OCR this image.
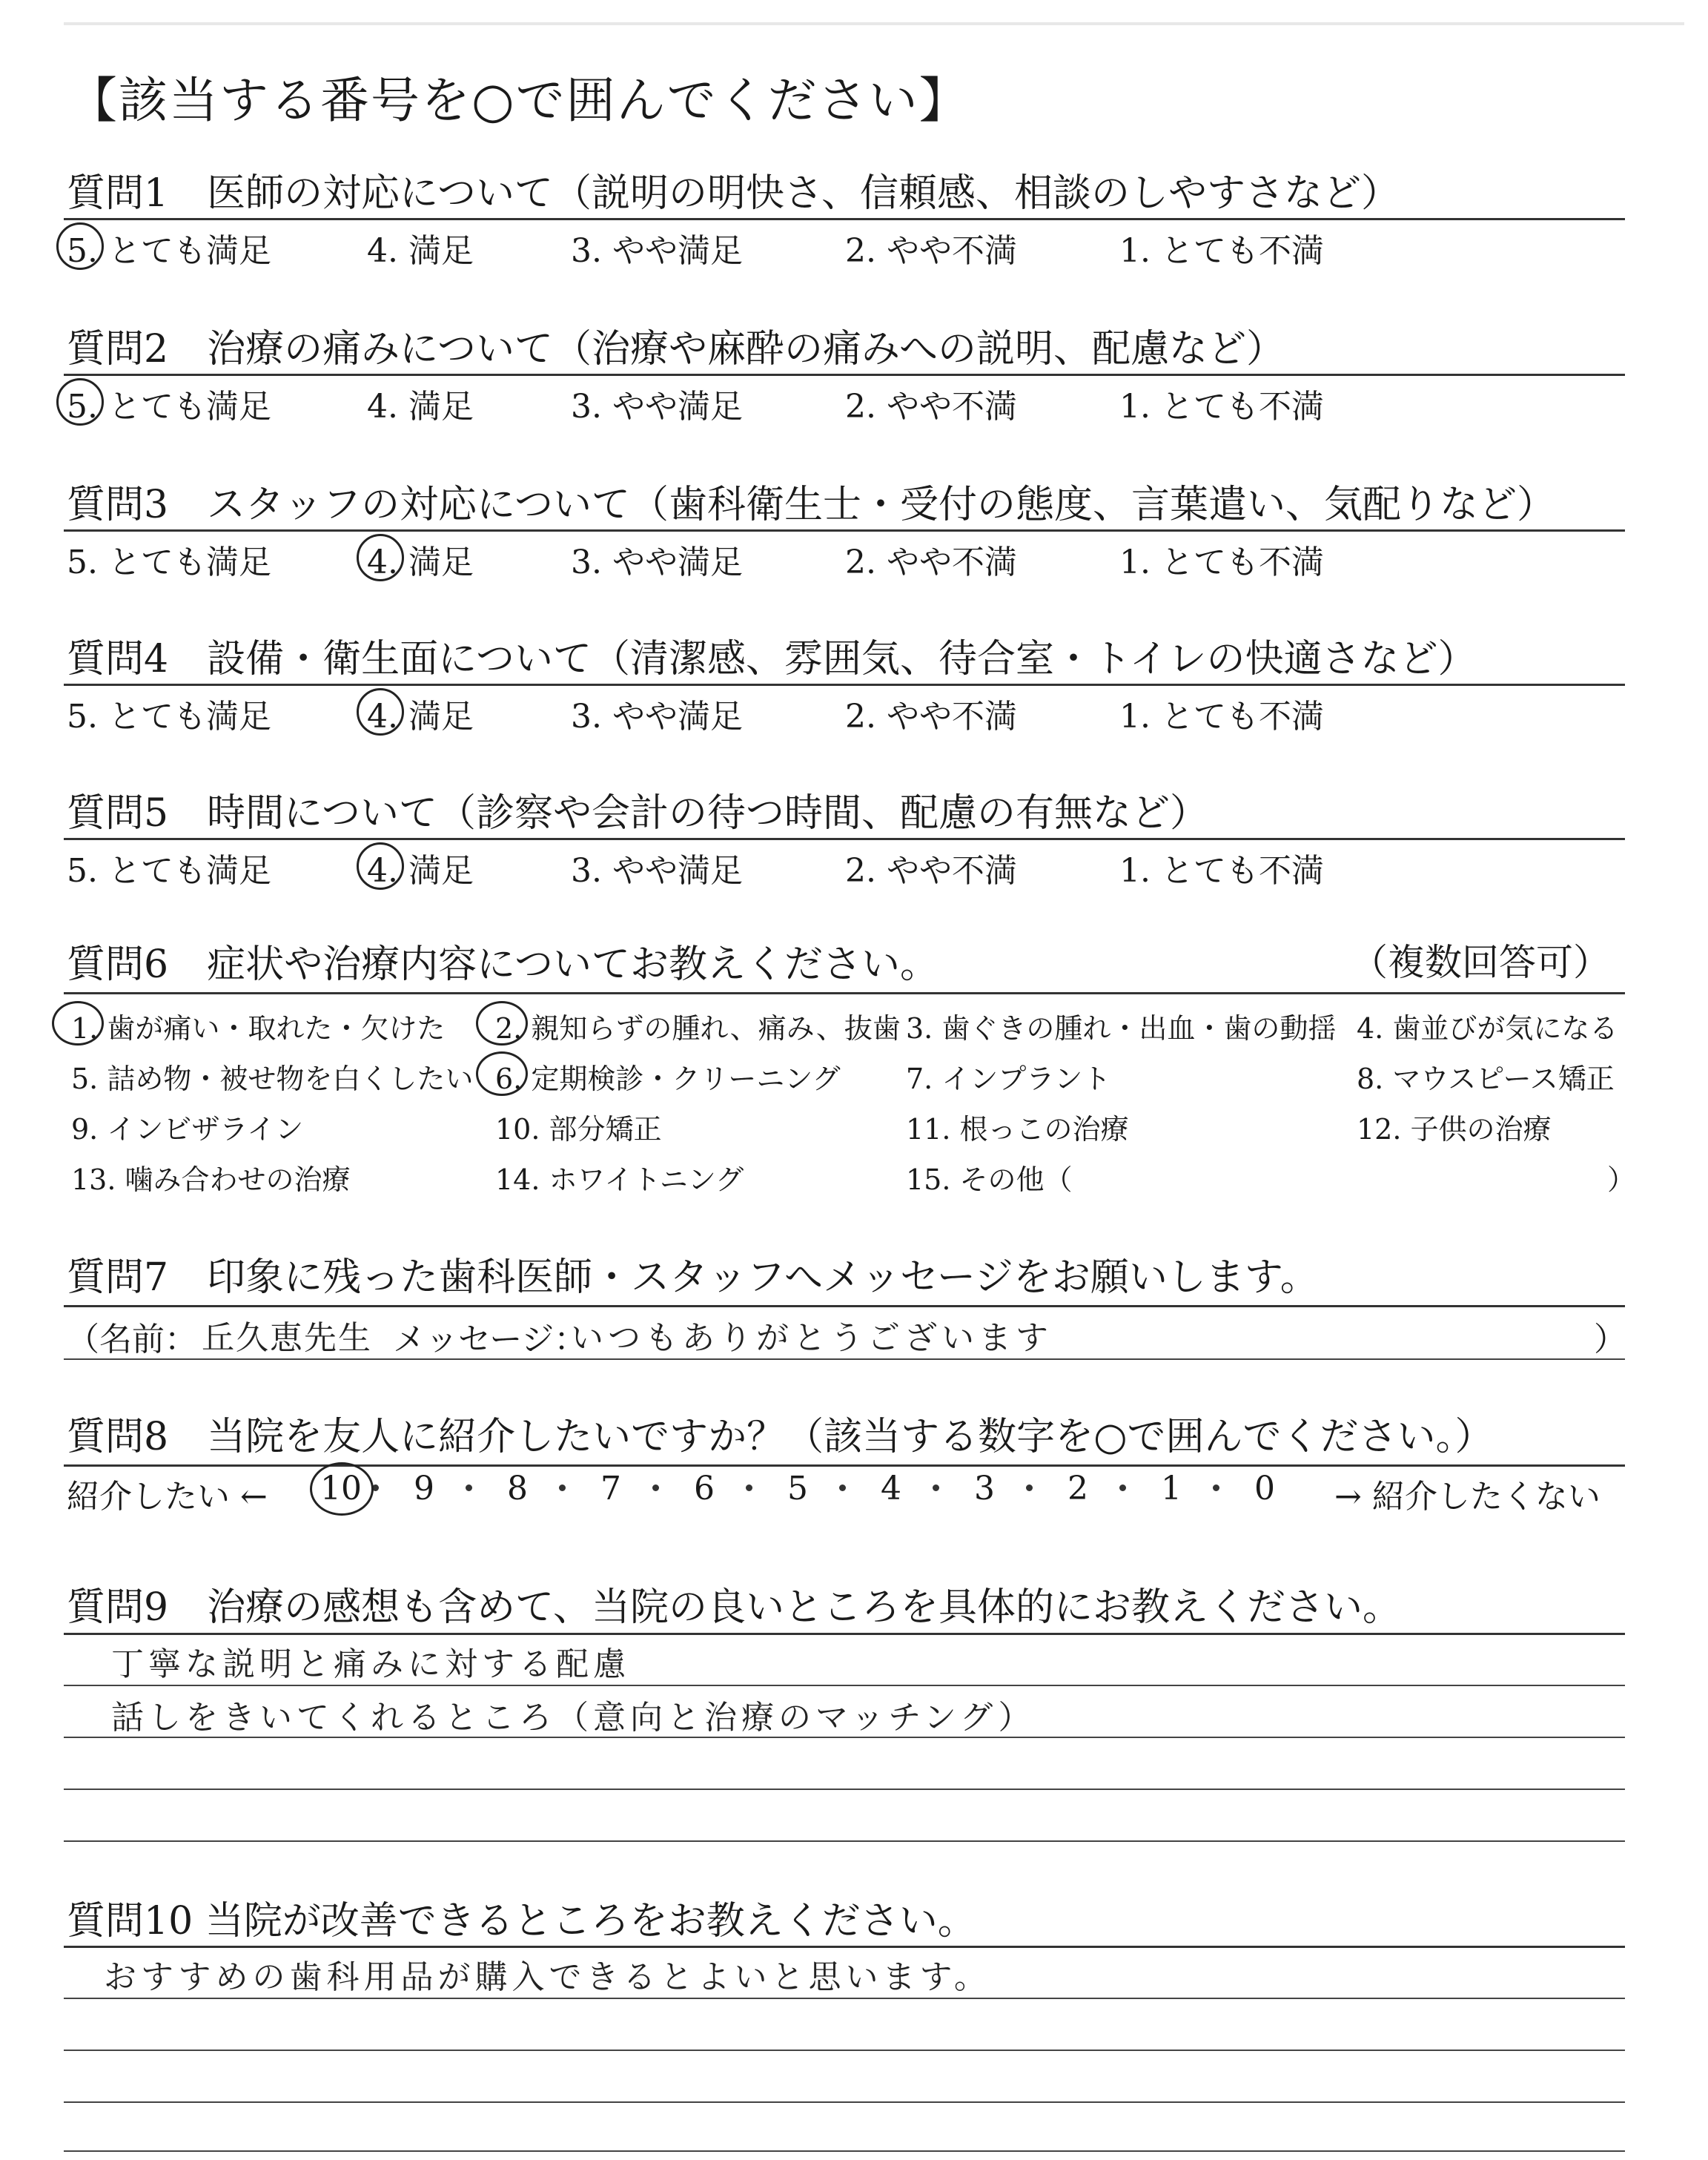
【該当する番号を○で囲んでください】
質問1　医師の対応について（説明の明快さ、信頼感、相談のしやすさなど）
5. とても満足	4. 満足	3. やや満足	2. やや不満	1. とても不満
質問2　治療の痛みについて（治療や麻酔の痛みへの説明、配慮など）
5. とても満足	4. 満足	3. やや満足	2. やや不満	1. とても不満
質問3　スタッフの対応について（歯科衛生士・受付の態度、言葉遣い、気配りなど）
5. とても満足	4. 満足	3. やや満足	2. やや不満	1. とても不満
質問4　設備・衛生面について（清潔感、雰囲気、待合室・トイレの快適さなど）
5. とても満足	4. 満足	3. やや満足	2. やや不満	1. とても不満
質問5　時間について（診察や会計の待つ時間、配慮の有無など）
5. とても満足	4. 満足	3. やや満足	2. やや不満	1. とても不満
質問6　症状や治療内容についてお教えください。	（複数回答可）
1. 歯が痛い・取れた・欠けた 2. 親知らずの腫れ、痛み、抜歯 3. 歯ぐきの腫れ・出血・歯の動揺 4. 歯並びが気になる
5. 詰め物・被せ物を白くしたい 6. 定期検診・クリーニング 7. インプラント	8. マウスピース矯正
9. インビザライン	10. 部分矯正	11. 根っこの治療	12. 子供の治療
13. 噛み合わせの治療	14. ホワイトニング	15. その他（	）
質問7　印象に残った歯科医師・スタッフへメッセージをお願いします。
（名前： 丘久恵先生 メッセージ：
いつもありがとうございます	）
質問8　当院を友人に紹介したいですか？（該当する数字を○で囲んでください。）
紹介したい ←	→ 紹介したくない
10 9 8 7 6 5 4 3 2 1 0
質問9　治療の感想も含めて、当院の良いところを具体的にお教えください。
丁寧な説明と痛みに対する配慮
話しをきいてくれるところ（意向と治療のマッチング）
質問10 当院が改善できるところをお教えください。
おすすめの歯科用品が購入できるとよいと思います。
